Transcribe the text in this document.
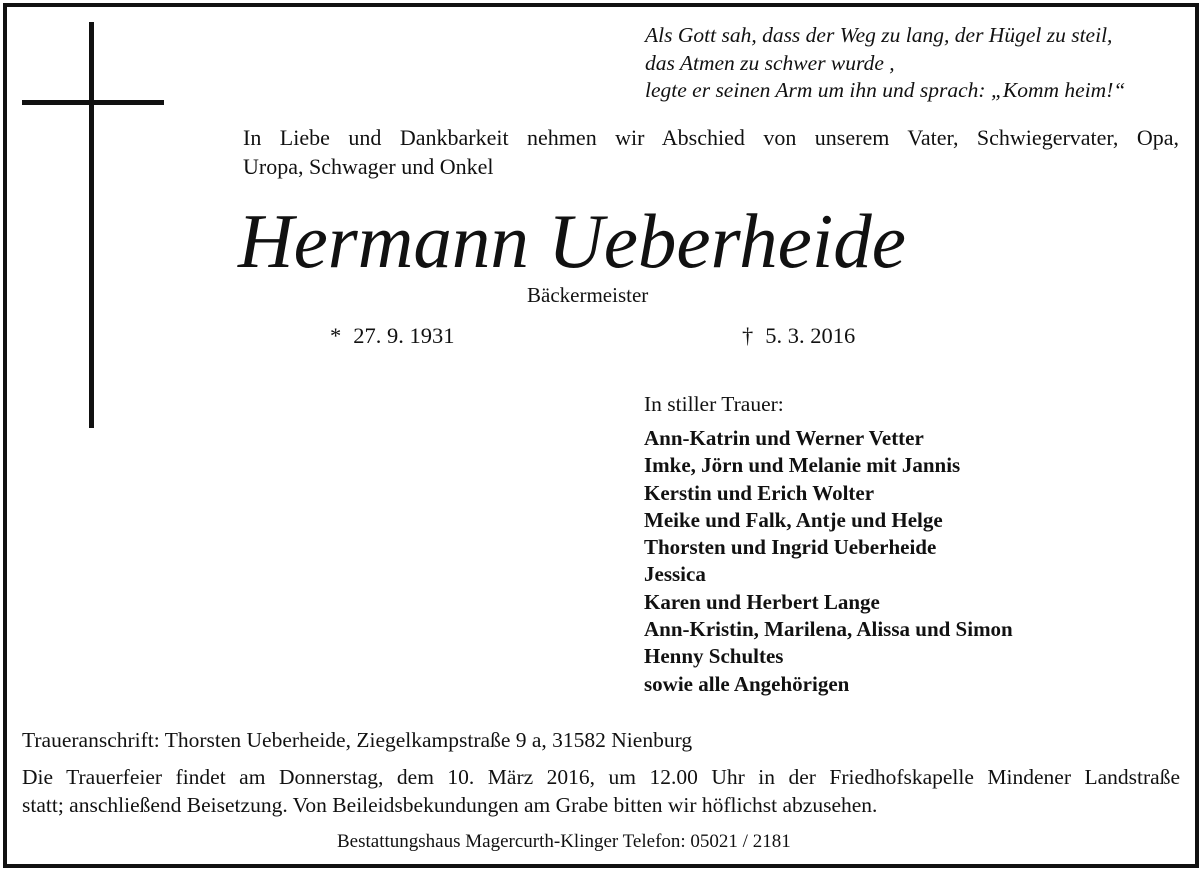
Als Gott sah, dass der Weg zu lang, der Hügel zu steil,
das Atmen zu schwer wurde ,
legte er seinen Arm um ihn und sprach: „Komm heim!“
In Liebe und Dankbarkeit nehmen wir Abschied von unserem Vater, Schwiegervater, Opa,
Uropa, Schwager und Onkel
Hermann Ueberheide
Bäckermeister
* 27. 9. 1931	† 5. 3. 2016
In stiller Trauer:
Ann-Katrin und Werner Vetter
Imke, Jörn und Melanie mit Jannis
Kerstin und Erich Wolter
Meike und Falk, Antje und Helge
Thorsten und Ingrid Ueberheide
Jessica
Karen und Herbert Lange
Ann-Kristin, Marilena, Alissa und Simon
Henny Schultes
sowie alle Angehörigen
Traueranschrift: Thorsten Ueberheide, Ziegelkampstraße 9 a, 31582 Nienburg
Die Trauerfeier findet am Donnerstag, dem 10. März 2016, um 12.00 Uhr in der Friedhofskapelle Mindener Landstraße
statt; anschließend Beisetzung. Von Beileidsbekundungen am Grabe bitten wir höflichst abzusehen.
Bestattungshaus Magercurth-Klinger Telefon: 05021 / 2181
